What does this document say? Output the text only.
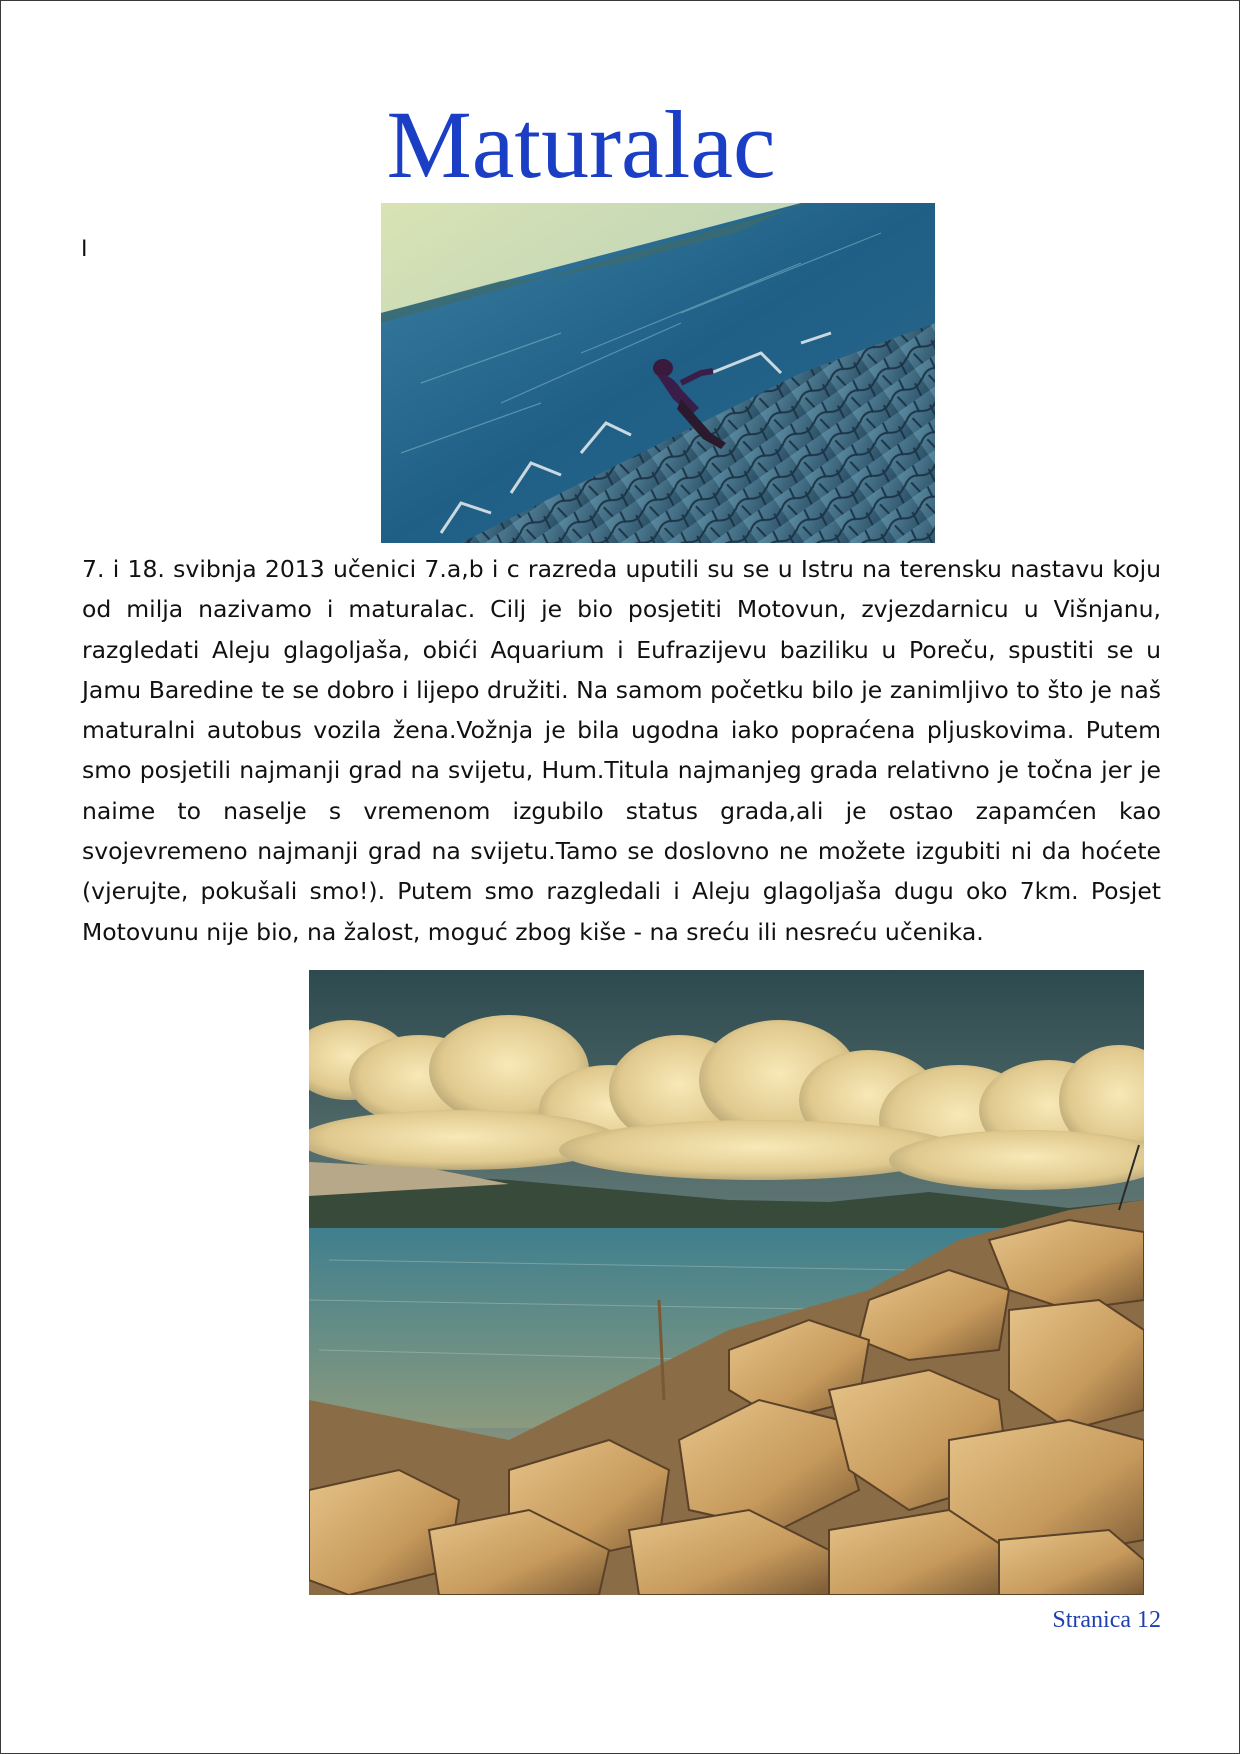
Maturalac
I

7. i 18. svibnja 2013 učenici 7.a,b i c razreda uputili su se u Istru na terensku nastavu koju od milja nazivamo i maturalac. Cilj je bio posjetiti Motovun, zvjezdarnicu u Višnjanu, razgledati Aleju glagoljaša, obići Aquarium i Eufrazijevu baziliku u Poreču, spustiti se u Jamu Baredine te se dobro i lijepo družiti. Na samom početku bilo je zanimljivo to što je naš maturalni autobus vozila žena.Vožnja je bila ugodna iako popraćena pljuskovima. Putem smo posjetili najmanji grad na svijetu, Hum.Titula najmanjeg grada relativno je točna jer je naime to naselje s vremenom izgubilo status grada,ali je ostao zapamćen kao svojevremeno najmanji grad na svijetu.Tamo se doslovno ne možete izgubiti ni da hoćete (vjerujte, pokušali smo!). Putem smo razgledali i Aleju glagoljaša dugu oko 7km. Posjet Motovunu nije bio, na žalost, moguć zbog kiše - na sreću ili nesreću učenika.

Stranica 12
